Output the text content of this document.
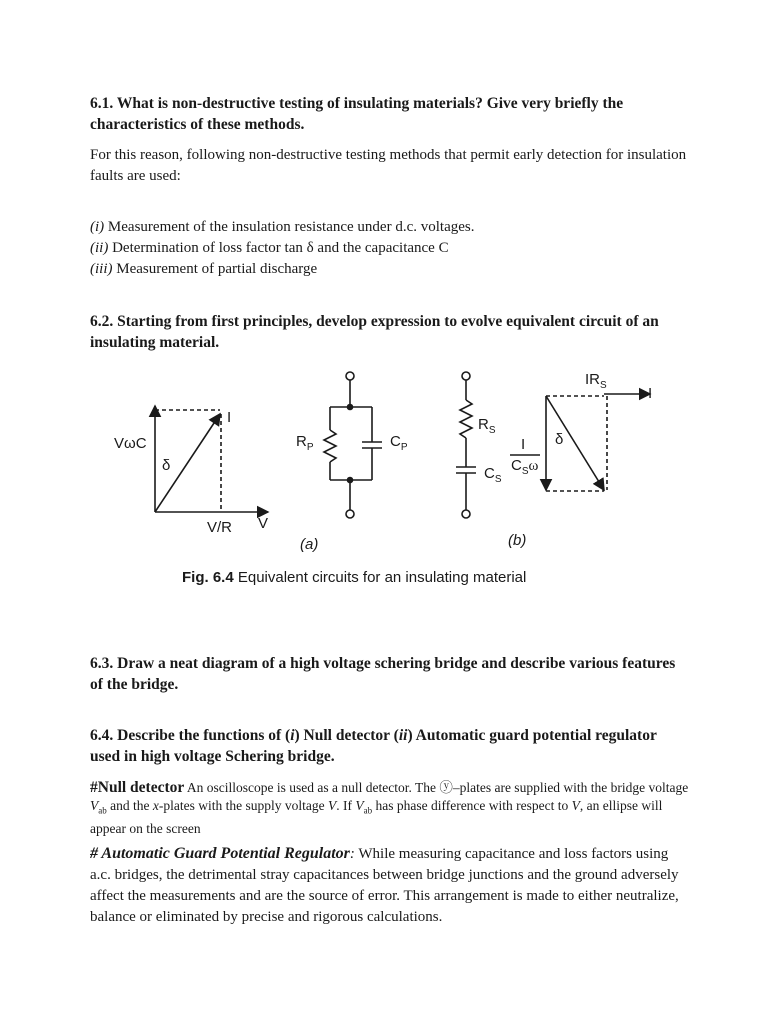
6.1. What is non-destructive testing of insulating materials? Give very briefly the characteristics of these methods.

For this reason, following non-destructive testing methods that permit early detection for insulation faults are used:

(i) Measurement of the insulation resistance under d.c. voltages.
(ii) Determination of loss factor tan δ and the capacitance C
(iii) Measurement of partial discharge

6.2. Starting from first principles, develop expression to evolve equivalent circuit of an insulating material.

VωC
I
δ
V/R V
$R_P$	$C_P$
(a)
$R_S$
$C_S$
(b)
$IR_S$	I
I
$C_S\omega$
δ
Fig. 6.4 Equivalent circuits for an insulating material

6.3. Draw a neat diagram of a high voltage schering bridge and describe various features of the bridge.

6.4. Describe the functions of (i) Null detector (ii) Automatic guard potential regulator used in high voltage Schering bridge.

#Null detector An oscilloscope is used as a null detector. The ⓨ–plates are supplied with the bridge voltage $V_{ab}$ and the x-plates with the supply voltage V. If $V_{ab}$ has phase difference with respect to V, an ellipse will appear on the screen

# Automatic Guard Potential Regulator: While measuring capacitance and loss factors using a.c. bridges, the detrimental stray capacitances between bridge junctions and the ground adversely affect the measurements and are the source of error. This arrangement is made to either neutralize, balance or eliminated by precise and rigorous calculations.
